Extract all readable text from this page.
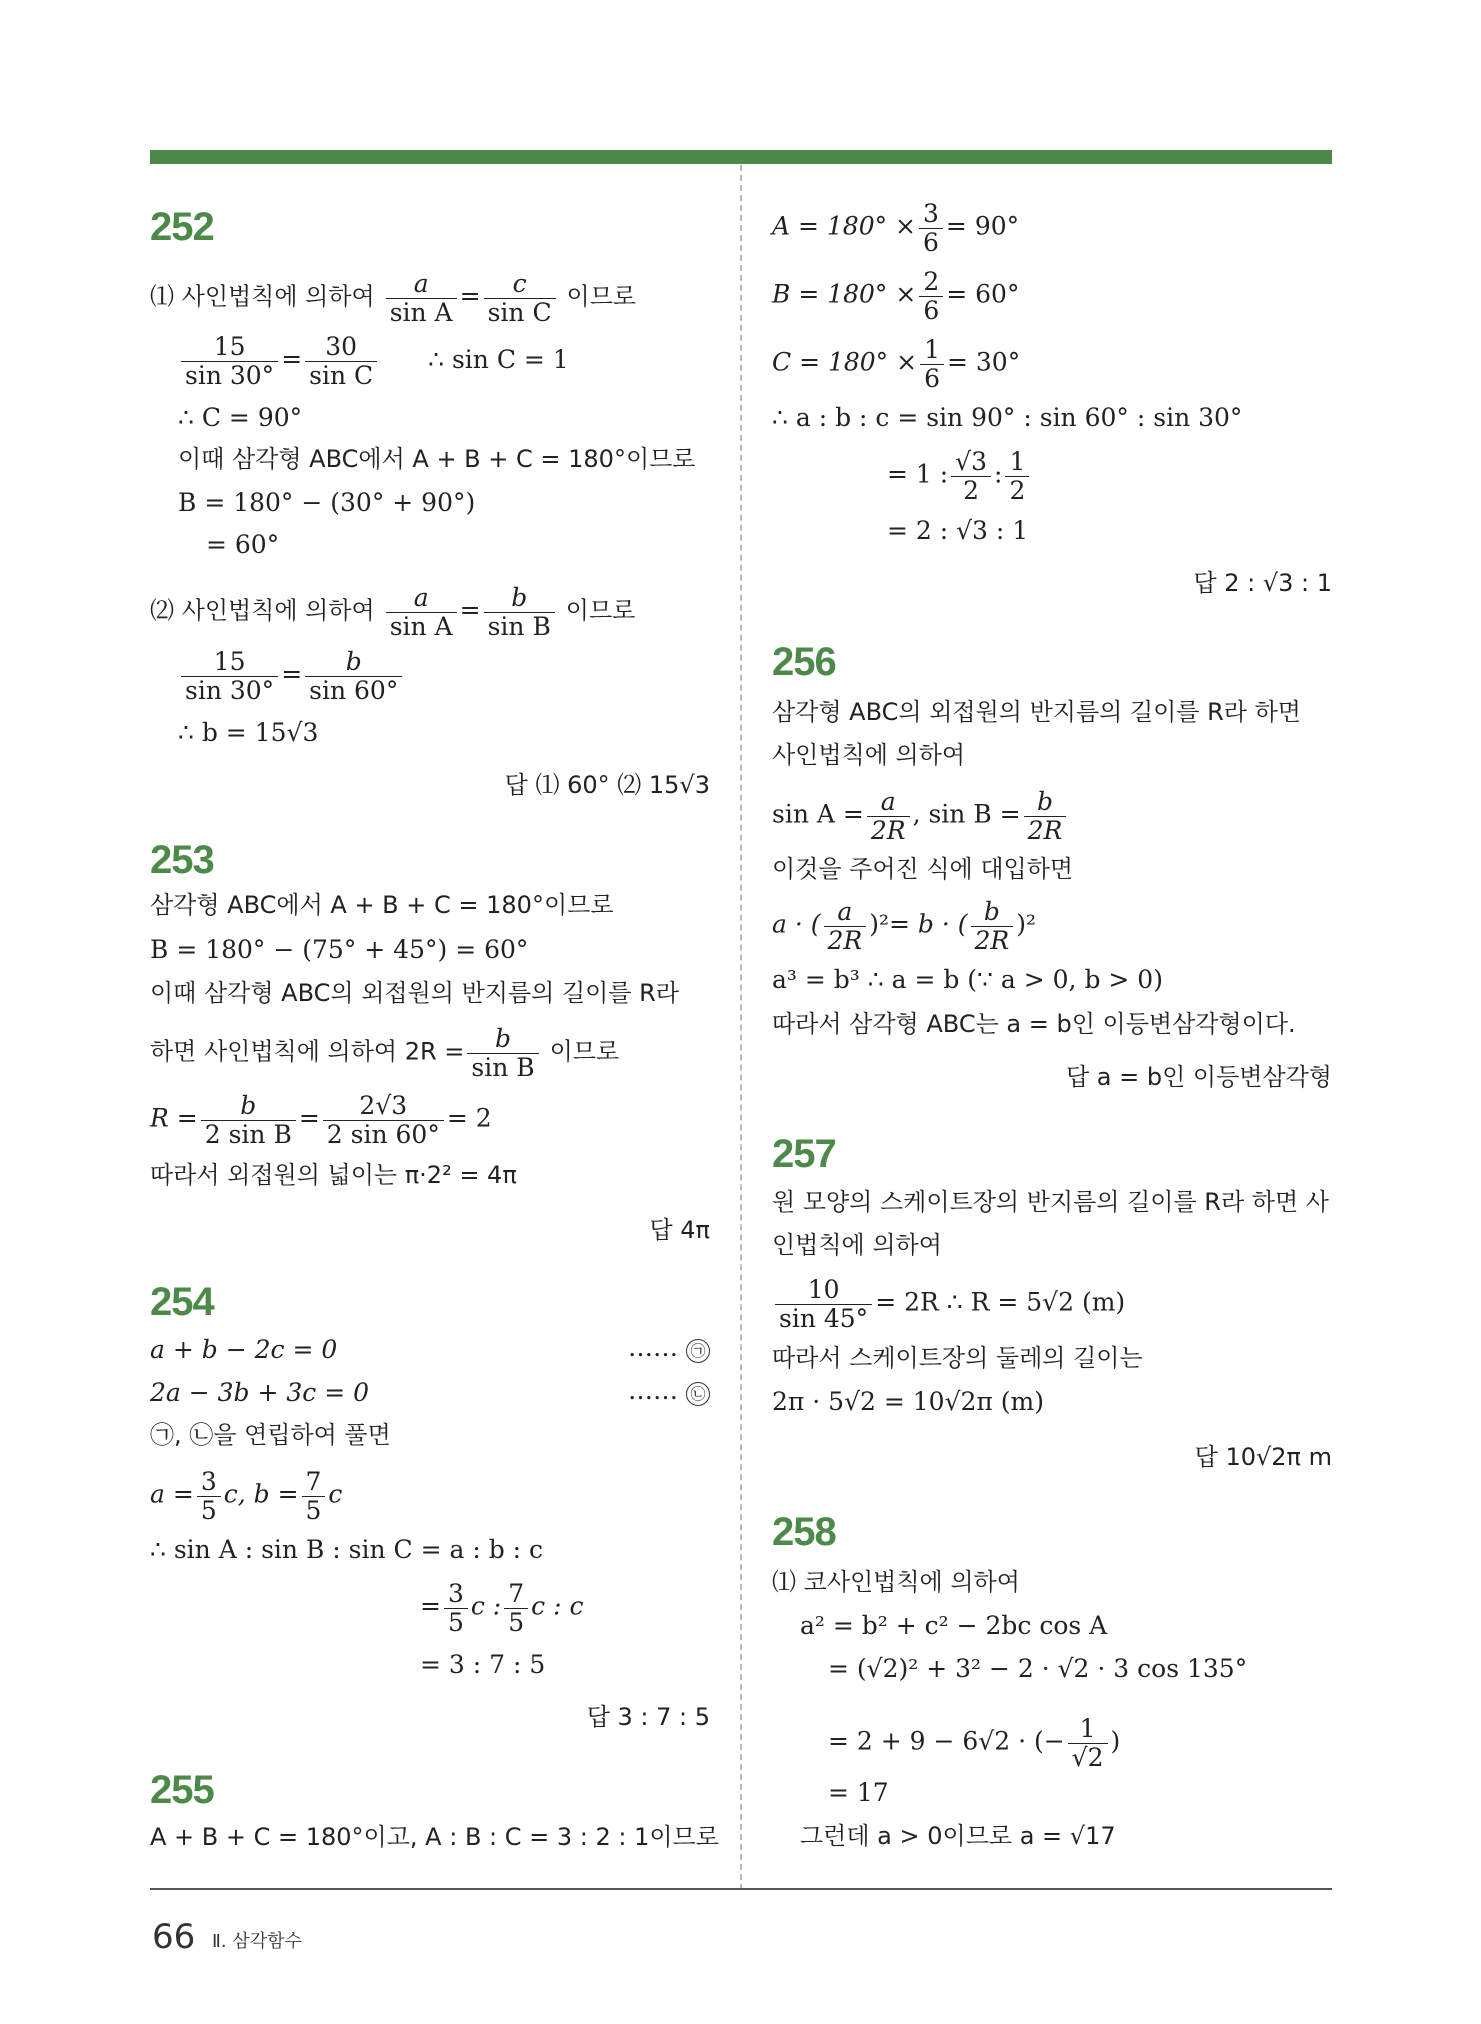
252
⑴ 사인법칙에 의하여 $\frac{a}{\text{sin A}} = \frac{c}{\text{sin C}}$ 이므로
$\frac{15}{\sin 30^\circ} = \frac{30}{\text{sin C}}$ ∴ sin C = 1
∴ C = 90°
이때 삼각형 ABC에서 A + B + C = 180°이므로
B = 180° − (30° + 90°)
= 60°
⑵ 사인법칙에 의하여 $\frac{a}{\text{sin A}} = \frac{b}{\text{sin B}}$ 이므로
$\frac{15}{\sin 30^\circ} = \frac{b}{\sin 60^\circ}$
∴ b = 15√3
답 ⑴ 60° ⑵ 15√3
253
삼각형 ABC에서 A + B + C = 180°이므로
B = 180° − (75° + 45°) = 60°
이때 삼각형 ABC의 외접원의 반지름의 길이를 R라
하면 사인법칙에 의하여 $2R = \frac{b}{\text{sin B}}$ 이므로
$R = \frac{b}{\text{2 sin B}} = \frac{2√3}{2 \sin 60^\circ} = 2$
따라서 외접원의 넓이는 π·2² = 4π
답 4π
254
a + b − 2c = 0	…… ㉠
2a − 3b + 3c = 0	…… ㉡
㉠, ㉡을 연립하여 풀면
$a = \frac{3}{5} c$, $b = \frac{7}{5}$ c
∴ sin A : sin B : sin C = a : b : c
= $\frac{3}{5}$ c : $\frac{7}{5}$ c : c
= 3 : 7 : 5
답 3 : 7 : 5
255
A + B + C = 180°이고, A : B : C = 3 : 2 : 1이므로
$A = 180^\circ \times \frac{3}{6} = 90^\circ$
$B = 180^\circ \times \frac{2}{6} = 60^\circ$
$C = 180^\circ \times \frac{1}{6} = 30^\circ$
∴ a : b : c = sin 90° : sin 60° : sin 30°
= 1 : $\frac{√3}{2}$ : $\frac{1}{2}$
= 2 : √3 : 1
답 2 : √3 : 1
256
삼각형 ABC의 외접원의 반지름의 길이를 R라 하면
사인법칙에 의하여
$\sin A = \frac{a}{2R}$ , $\sin B = \frac{b}{2R}$
이것을 주어진 식에 대입하면
a · ( $\frac{a}{2R} )^2= b$ · ( $\frac{b}{2R} )^2$
a³ = b³ ∴ a = b (∵ a > 0, b > 0)
따라서 삼각형 ABC는 a = b인 이등변삼각형이다.
답 a = b인 이등변삼각형
257
원 모양의 스케이트장의 반지름의 길이를 R라 하면 사
인법칙에 의하여
$\frac{10}{\sin 45^\circ} = 2R$ ∴ R = 5√2 (m)
따라서 스케이트장의 둘레의 길이는
2π · 5√2 = 10√2π (m)
답 10√2π m
258
⑴ 코사인법칙에 의하여
a² = b² + c² − 2bc cos A
= (√2)² + 3² − 2 · √2 · 3 cos 135°
= 2 + 9 − 6√2 · (− $\frac{1}{√2}$ )
= 17
그런데 a > 0이므로 a = √17
66 Ⅱ. 삼각함수
